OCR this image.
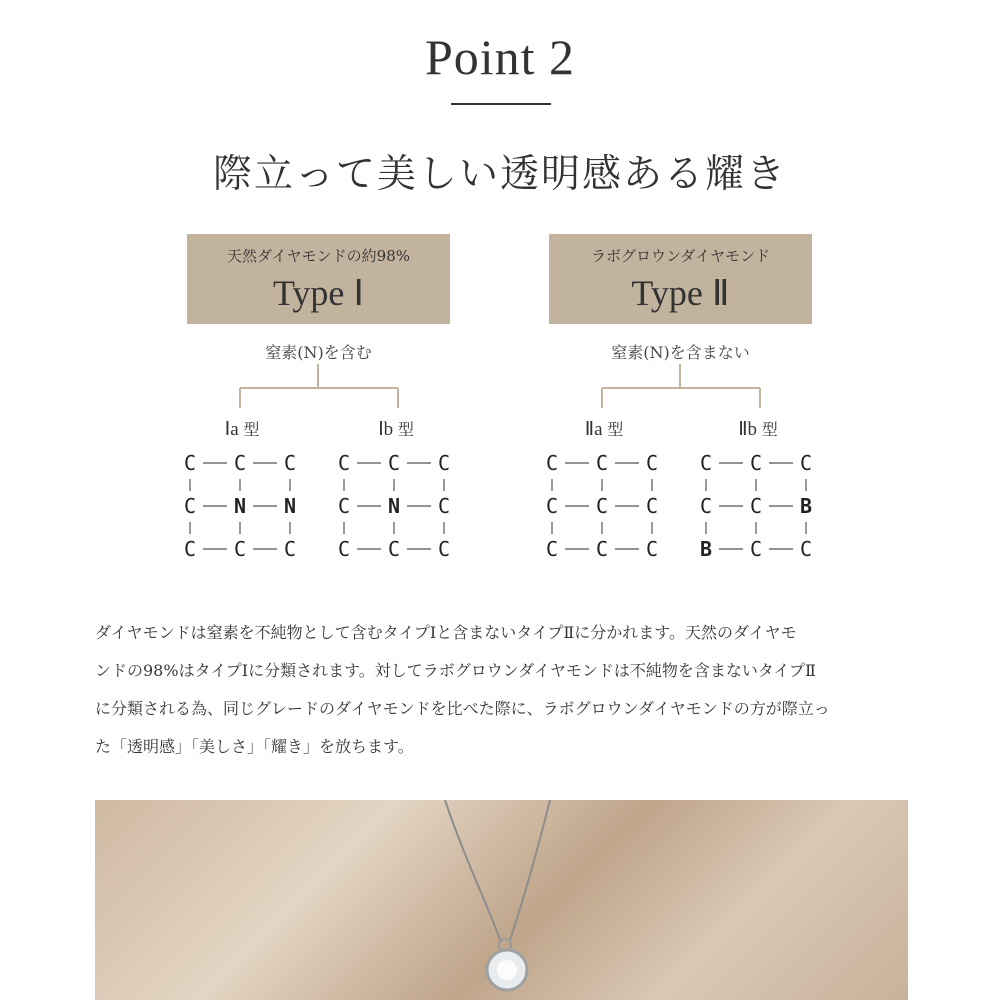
Point 2
際立って美しい透明感ある耀き
天然ダイヤモンドの約98%
Type Ⅰ
窒素(N)を含む
ラボグロウンダイヤモンド
Type Ⅱ
窒素(N)を含まない
Ⅰa 型	Ⅰb 型	Ⅱa 型	Ⅱb 型
C C C
C N N
C C C
C C C
C N C
C C C
C C C
C C C
C C C
C C C
C C B
B C C
ダイヤモンドは窒素を不純物として含むタイプⅠと含まないタイプⅡに分かれます。天然のダイヤモ
ンドの98%はタイプⅠに分類されます。対してラボグロウンダイヤモンドは不純物を含まないタイプⅡ
に分類される為、同じグレードのダイヤモンドを比べた際に、ラボグロウンダイヤモンドの方が際立っ
た「透明感」「美しさ」「耀き」を放ちます。
